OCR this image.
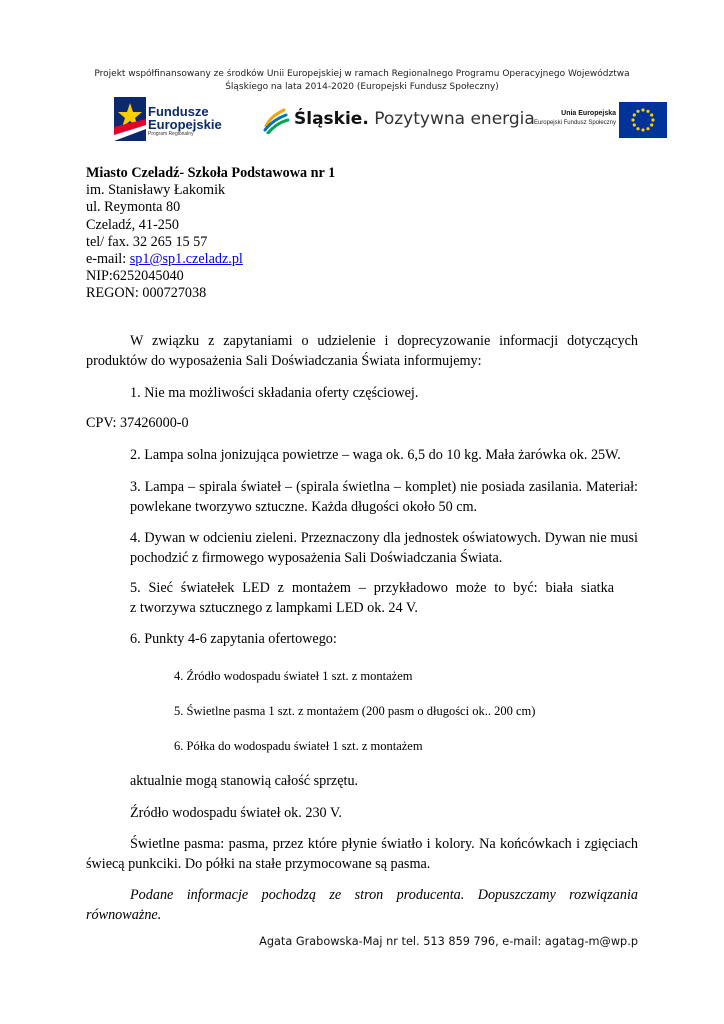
Projekt współfinansowany ze środków Unii Europejskiej w ramach Regionalnego Programu Operacyjnego Województwa
Śląskiego na lata 2014-2020 (Europejski Fundusz Społeczny)
Fundusze
Europejskie
Program Regionalny
Śląskie. Pozytywna energia	Unia Europejska
Europejski Fundusz Społeczny
Miasto Czeladź- Szkoła Podstawowa nr 1
im. Stanisławy Łakomik
ul. Reymonta 80
Czeladź, 41-250
tel/ fax. 32 265 15 57
e-mail: sp1@sp1.czeladz.pl
NIP:6252045040
REGON: 000727038
W związku z zapytaniami o udzielenie i doprecyzowanie informacji dotyczących produktów do wyposażenia Sali Doświadczania Świata informujemy:
1. Nie ma możliwości składania oferty częściowej.
CPV: 37426000-0
2. Lampa solna jonizująca powietrze – waga ok. 6,5 do 10 kg. Mała żarówka ok. 25W.
3. Lampa – spirala świateł – (spirala świetlna – komplet) nie posiada zasilania. Materiał: powlekane tworzywo sztuczne. Każda długości około 50 cm.
4. Dywan w odcieniu zieleni. Przeznaczony dla jednostek oświatowych. Dywan nie musi pochodzić z firmowego wyposażenia Sali Doświadczania Świata.
5. Sieć światełek LED z montażem – przykładowo może to być: biała siatka
z tworzywa sztucznego z lampkami LED ok. 24 V.
6. Punkty 4-6 zapytania ofertowego:
4. Źródło wodospadu świateł 1 szt. z montażem
5. Świetlne pasma 1 szt. z montażem (200 pasm o długości ok.. 200 cm)
6. Półka do wodospadu świateł 1 szt. z montażem
aktualnie mogą stanowią całość sprzętu.
Źródło wodospadu świateł ok. 230 V.
Świetlne pasma: pasma, przez które płynie światło i kolory. Na końcówkach i zgięciach świecą punkciki. Do półki na stałe przymocowane są pasma.
Podane informacje pochodzą ze stron producenta. Dopuszczamy rozwiązania równoważne.
Agata Grabowska-Maj nr tel. 513 859 796, e-mail: agatag-m@wp.p
